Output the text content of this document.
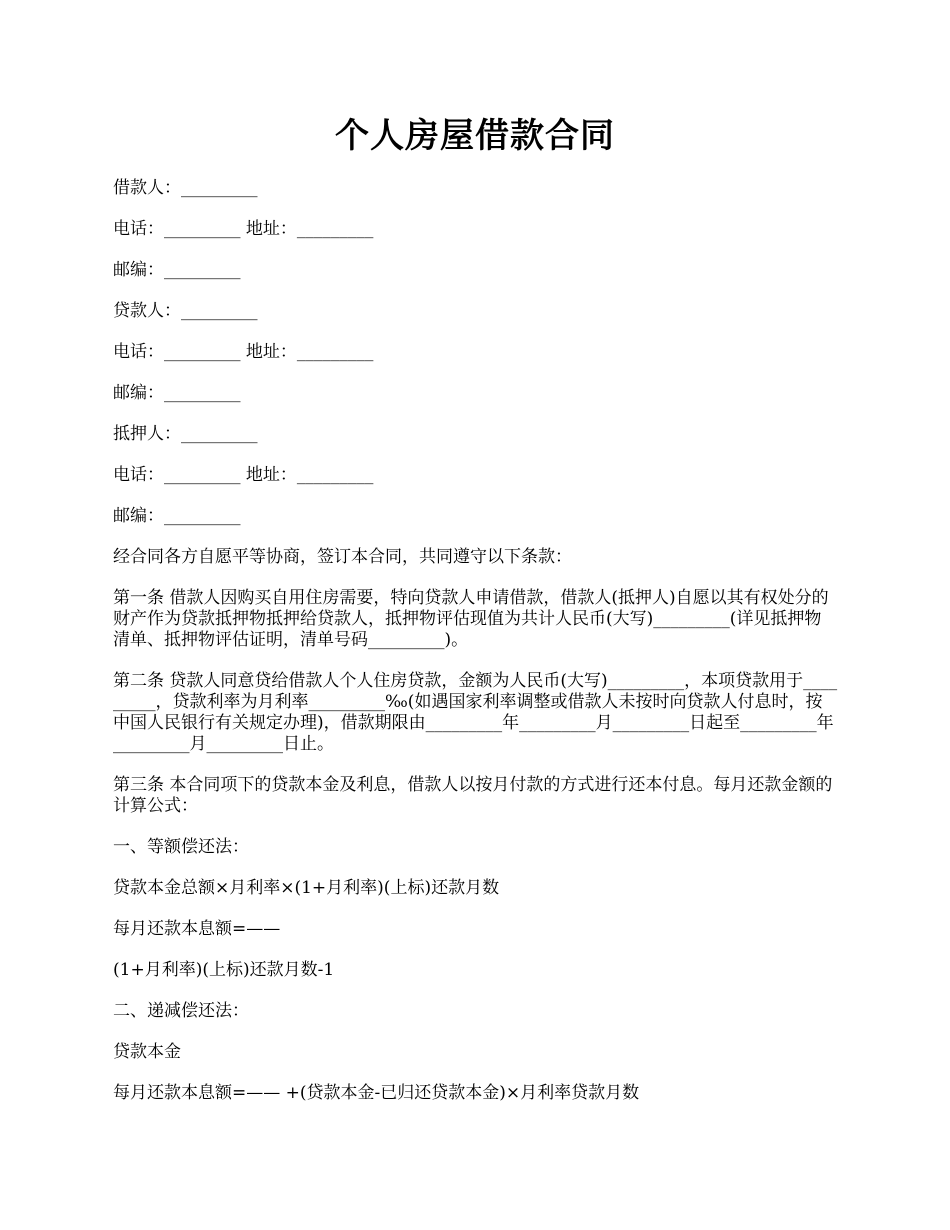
个人房屋借款合同

借款人：_________

电话：_________ 地址：_________

邮编：_________

贷款人：_________

电话：_________ 地址：_________

邮编：_________

抵押人：_________

电话：_________ 地址：_________

邮编：_________

经合同各方自愿平等协商，签订本合同，共同遵守以下条款：

第一条 借款人因购买自用住房需要，特向贷款人申请借款，借款人(抵押人)自愿以其有权处分的财产作为贷款抵押物抵押给贷款人，抵押物评估现值为共计人民币(大写)_________(详见抵押物清单、抵押物评估证明，清单号码_________)。

第二条 贷款人同意贷给借款人个人住房贷款，金额为人民币(大写)_________，本项贷款用于_________，贷款利率为月利率_________‰(如遇国家利率调整或借款人未按时向贷款人付息时，按中国人民银行有关规定办理)，借款期限由_________年_________月_________日起至_________年_________月_________日止。

第三条 本合同项下的贷款本金及利息，借款人以按月付款的方式进行还本付息。每月还款金额的计算公式：

一、等额偿还法：

贷款本金总额×月利率×(1+月利率)(上标)还款月数

每月还款本息额=——

(1+月利率)(上标)还款月数-1

二、递减偿还法：

贷款本金

每月还款本息额=—— +(贷款本金-已归还贷款本金)×月利率贷款月数
